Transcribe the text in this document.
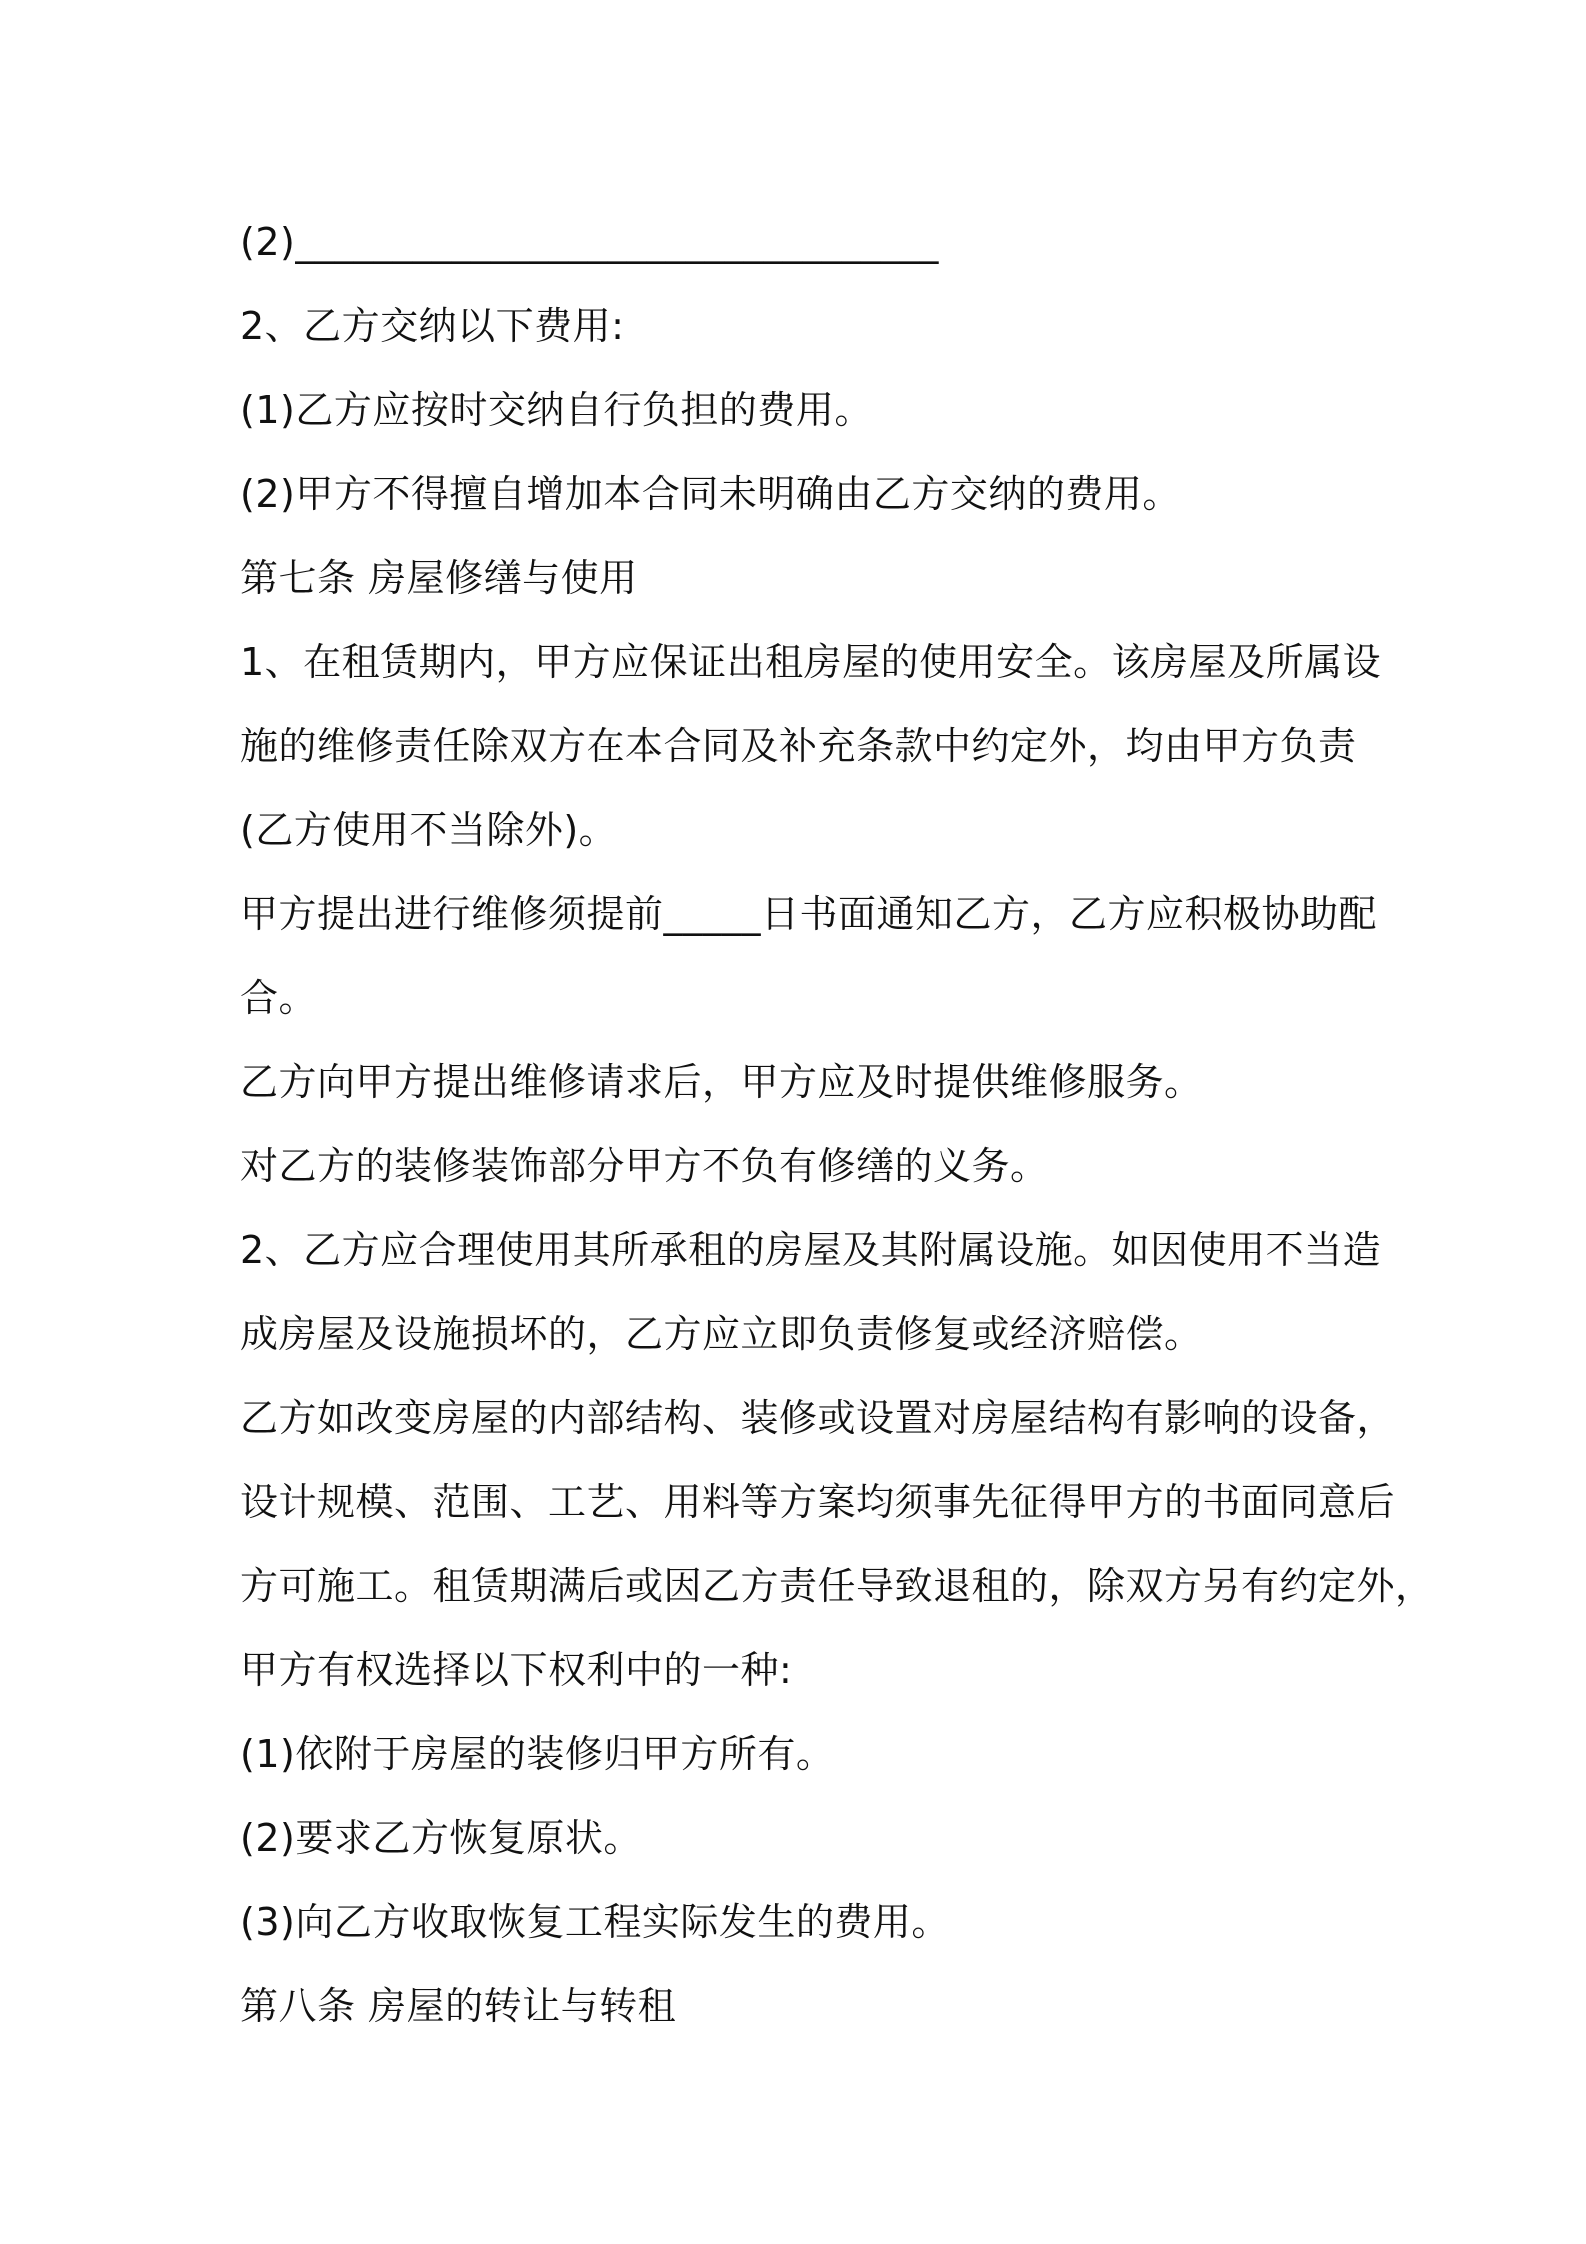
(2)_________________________________
2、乙方交纳以下费用:
(1)乙方应按时交纳自行负担的费用。
(2)甲方不得擅自增加本合同未明确由乙方交纳的费用。
第七条 房屋修缮与使用
1、在租赁期内，甲方应保证出租房屋的使用安全。该房屋及所属设
施的维修责任除双方在本合同及补充条款中约定外，均由甲方负责
(乙方使用不当除外)。
甲方提出进行维修须提前_____日书面通知乙方，乙方应积极协助配
合。
乙方向甲方提出维修请求后，甲方应及时提供维修服务。
对乙方的装修装饰部分甲方不负有修缮的义务。
2、乙方应合理使用其所承租的房屋及其附属设施。如因使用不当造
成房屋及设施损坏的，乙方应立即负责修复或经济赔偿。
乙方如改变房屋的内部结构、装修或设置对房屋结构有影响的设备，
设计规模、范围、工艺、用料等方案均须事先征得甲方的书面同意后
方可施工。租赁期满后或因乙方责任导致退租的，除双方另有约定外，
甲方有权选择以下权利中的一种:
(1)依附于房屋的装修归甲方所有。
(2)要求乙方恢复原状。
(3)向乙方收取恢复工程实际发生的费用。
第八条 房屋的转让与转租
